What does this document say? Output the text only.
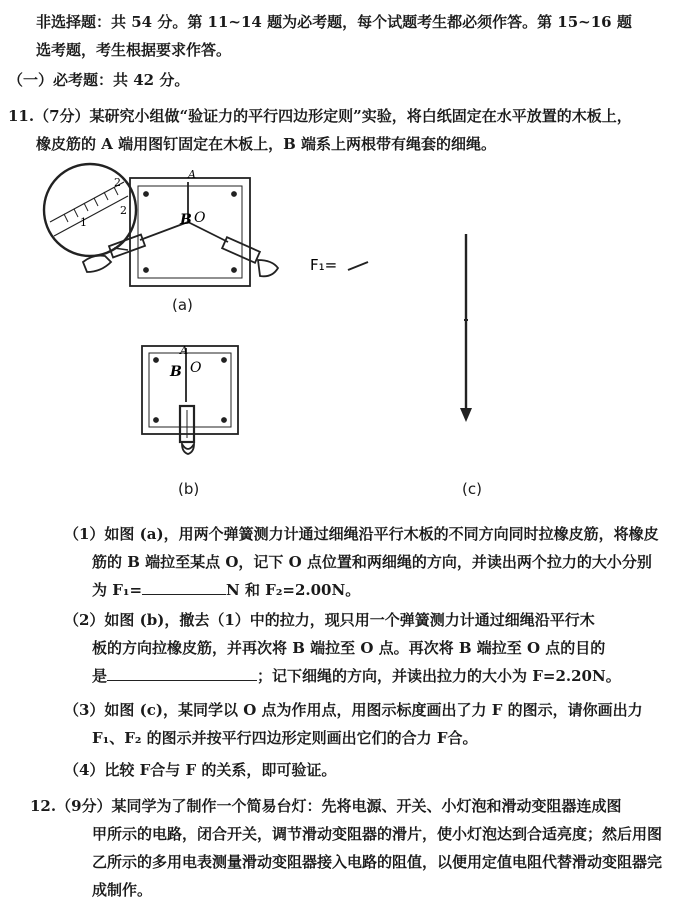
非选择题：共 54 分。第 11~14 题为必考题，每个试题考生都必须作答。第 15~16 题
选考题，考生根据要求作答。
（一）必考题：共 42 分。
11.（7分）某研究小组做“验证力的平行四边形定则”实验，将白纸固定在水平放置的木板上，
橡皮筋的 A 端用图钉固定在木板上，B 端系上两根带有绳套的细绳。
B O
A
1
2
2
(a)
A
B O
(b)
F₁=
(c)
（1）如图 (a)，用两个弹簧测力计通过细绳沿平行木板的不同方向同时拉橡皮筋，将橡皮
筋的 B 端拉至某点 O，记下 O 点位置和两细绳的方向，并读出两个拉力的大小分别
为 F₁=	N 和 F₂=2.00N。
（2）如图 (b)，撤去（1）中的拉力，现只用一个弹簧测力计通过细绳沿平行木
板的方向拉橡皮筋，并再次将 B 端拉至 O 点。再次将 B 端拉至 O 点的目的
是	；记下细绳的方向，并读出拉力的大小为 F=2.20N。
（3）如图 (c)，某同学以 O 点为作用点，用图示标度画出了力 F 的图示，请你画出力
F₁、F₂ 的图示并按平行四边形定则画出它们的合力 F合。
（4）比较 F合与 F 的关系，即可验证。
12.（9分）某同学为了制作一个简易台灯：先将电源、开关、小灯泡和滑动变阻器连成图
甲所示的电路，闭合开关，调节滑动变阻器的滑片，使小灯泡达到合适亮度；然后用图
乙所示的多用电表测量滑动变阻器接入电路的阻值，以便用定值电阻代替滑动变阻器完
成制作。
